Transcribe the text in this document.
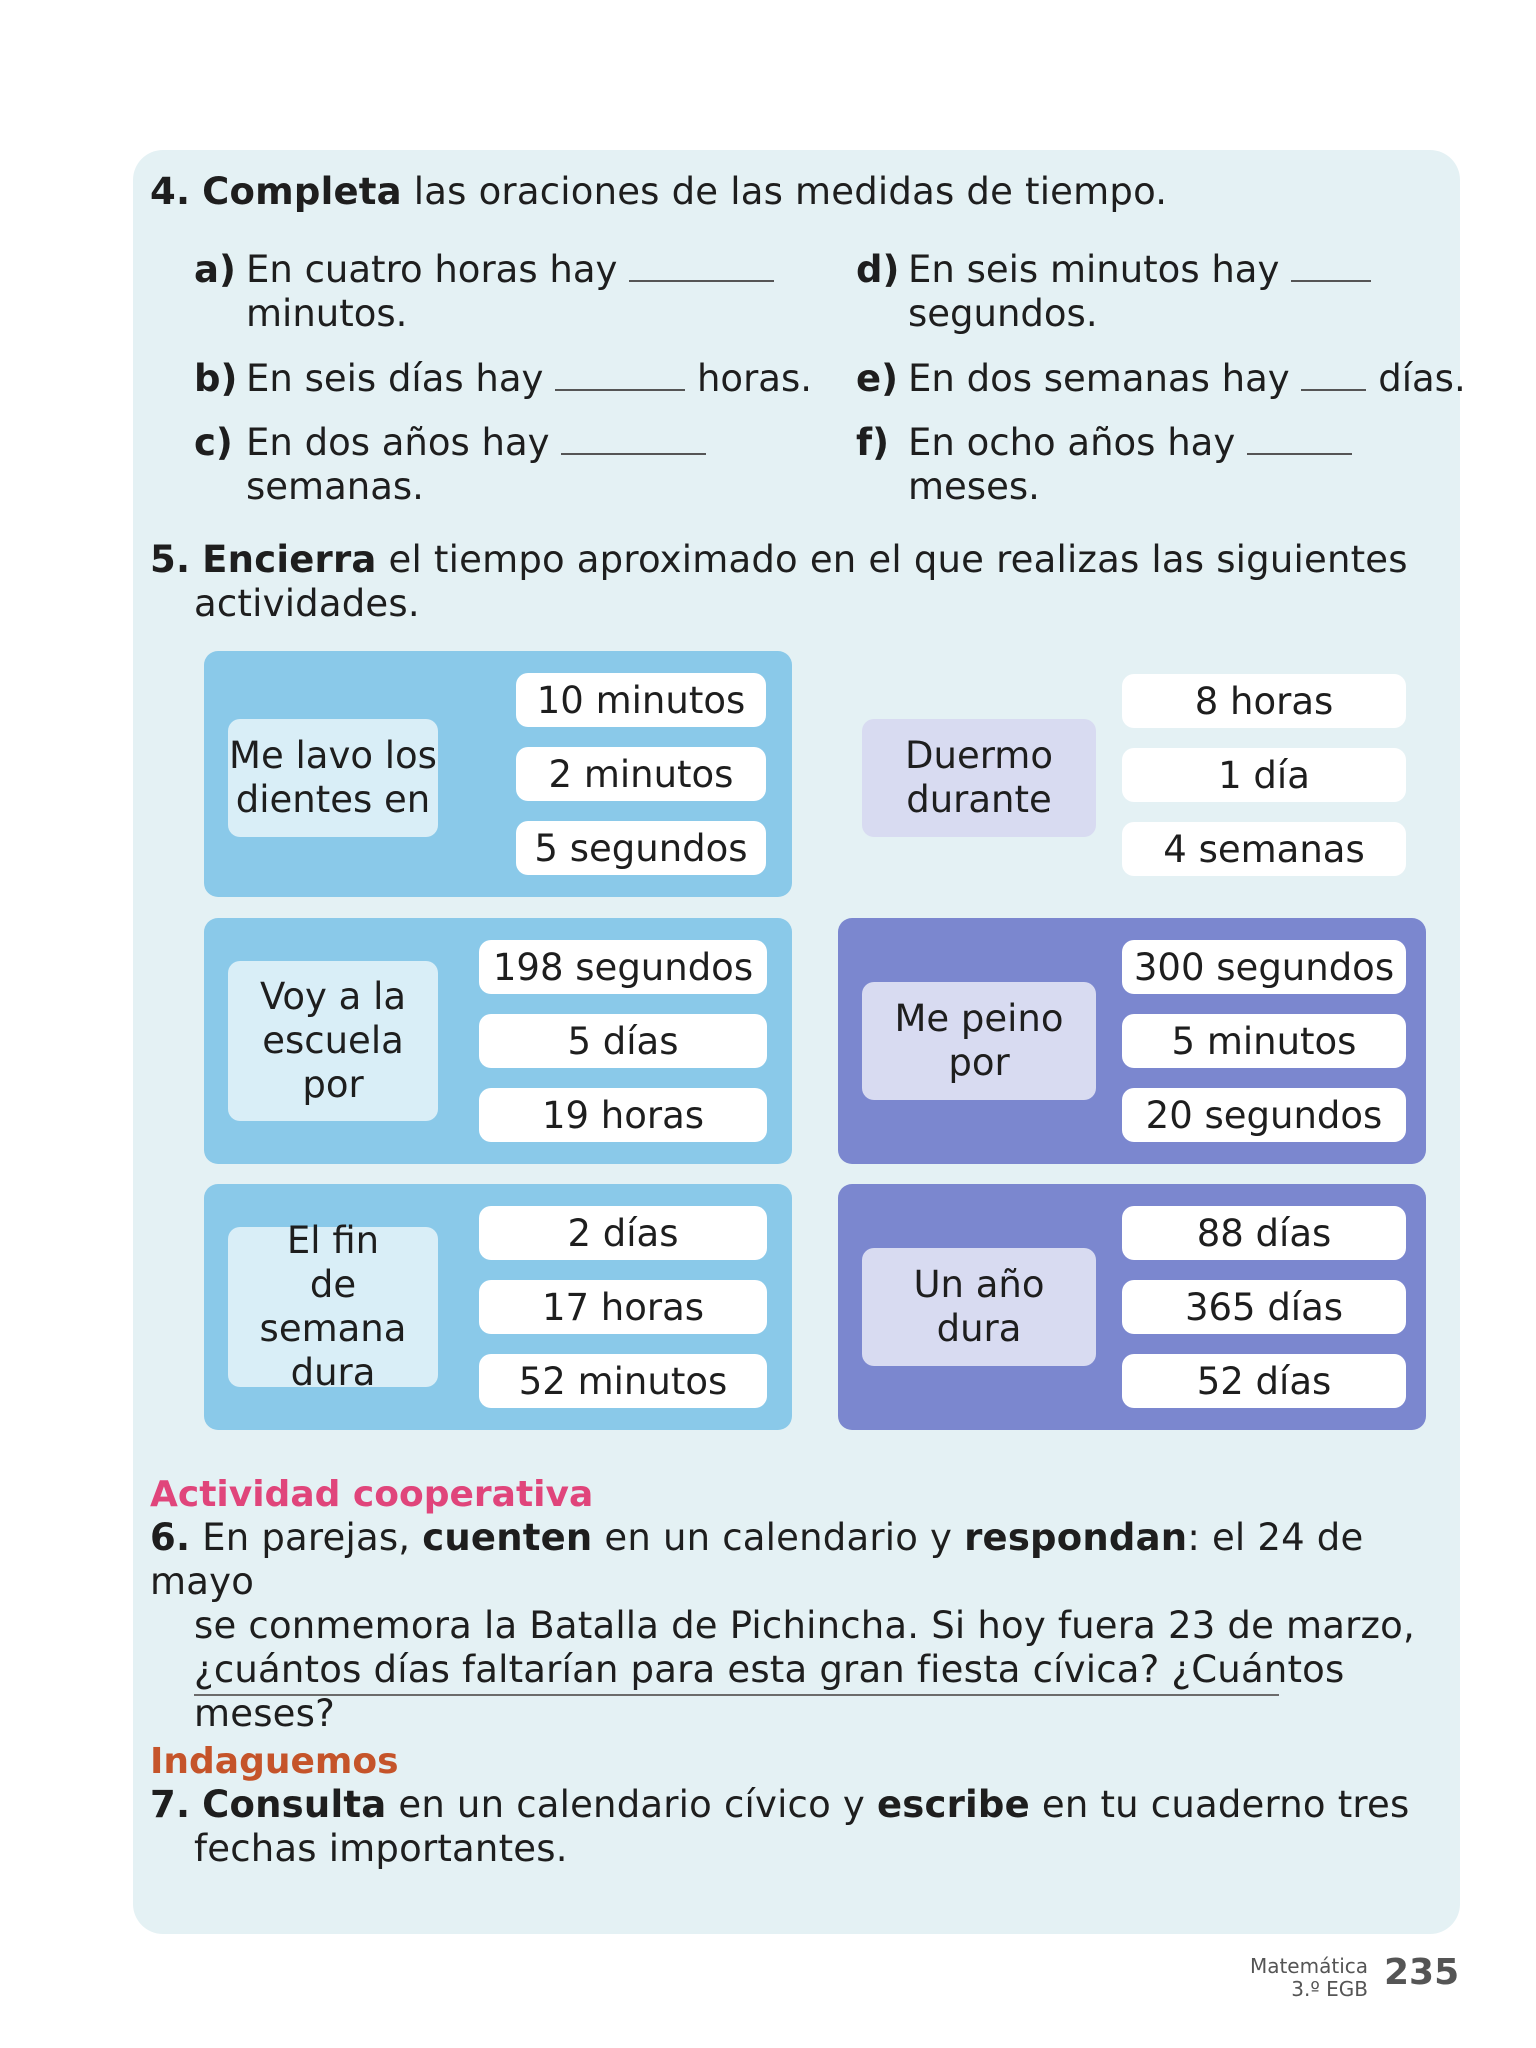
4. Completa las oraciones de las medidas de tiempo.
a) En cuatro horas hay
minutos.
b) En seis días hay	horas.
c) En dos años hay
semanas.
d) En seis minutos hay
segundos.
e) En dos semanas hay  días.
f) En ocho años hay
meses.
5. Encierra el tiempo aproximado en el que realizas las siguientes
actividades.
Me lavo los dientes en
10 minutos
2 minutos
5 segundos
Duermo durante
8 horas
1 día
4 semanas
Voy a la escuela por
198 segundos
5 días
19 horas
Me peino por
300 segundos
5 minutos
20 segundos
El fin de semana dura
2 días
17 horas
52 minutos
Un año dura
88 días
365 días
52 días
Actividad cooperativa
6. En parejas, cuenten en un calendario y respondan: el 24 de mayo
se conmemora la Batalla de Pichincha. Si hoy fuera 23 de marzo,
¿cuántos días faltarían para esta gran fiesta cívica? ¿Cuántos meses?
Indaguemos
7. Consulta en un calendario cívico y escribe en tu cuaderno tres
fechas importantes.
Matemática
3.º EGB 235
